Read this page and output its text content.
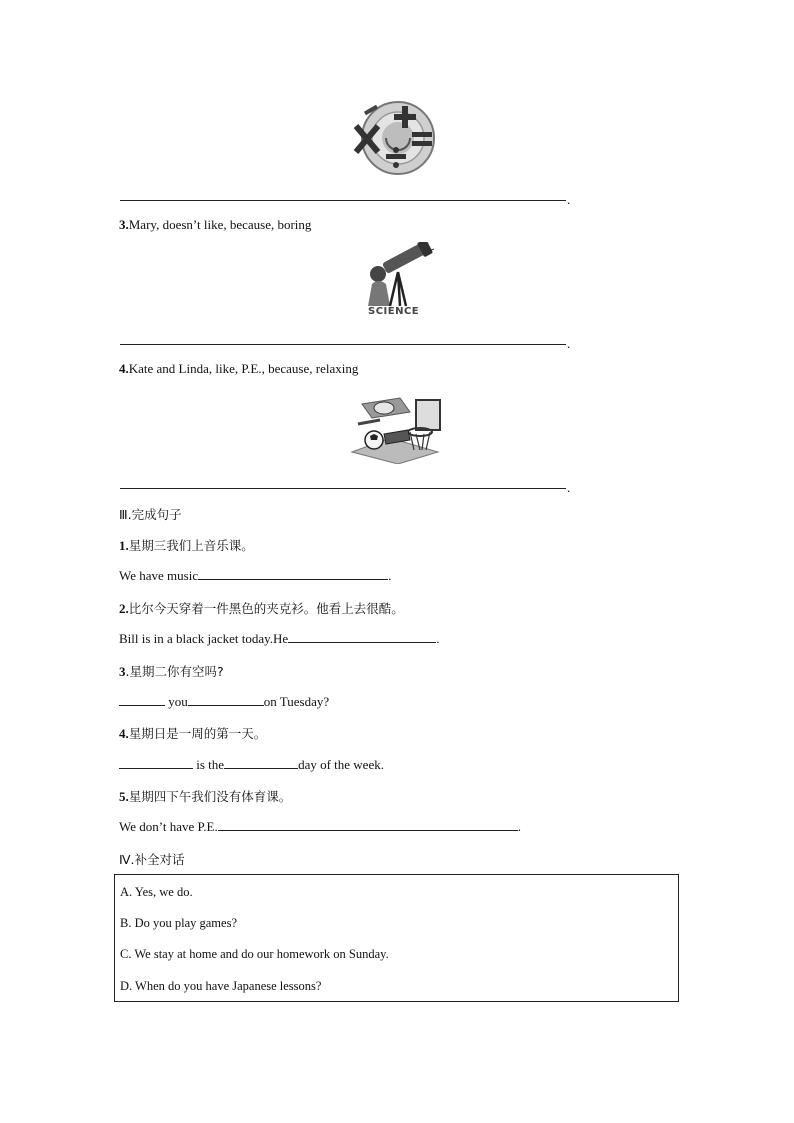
.
3.Mary, doesn’t like, because, boring
SCIENCE
.
4.Kate and Linda, like, P.E., because, relaxing
.
Ⅲ.完成句子
1.星期三我们上音乐课。
We have music	.
2.比尔今天穿着一件黑色的夹克衫。他看上去很酷。
Bill is in a black jacket today.He	.
3.星期二你有空吗?
you	on Tuesday?
4.星期日是一周的第一天。
is the	day of the week.
5.星期四下午我们没有体育课。
We don’t have P.E.	.
Ⅳ.补全对话
A. Yes, we do.
B. Do you play games?
C. We stay at home and do our homework on Sunday.
D. When do you have Japanese lessons?
